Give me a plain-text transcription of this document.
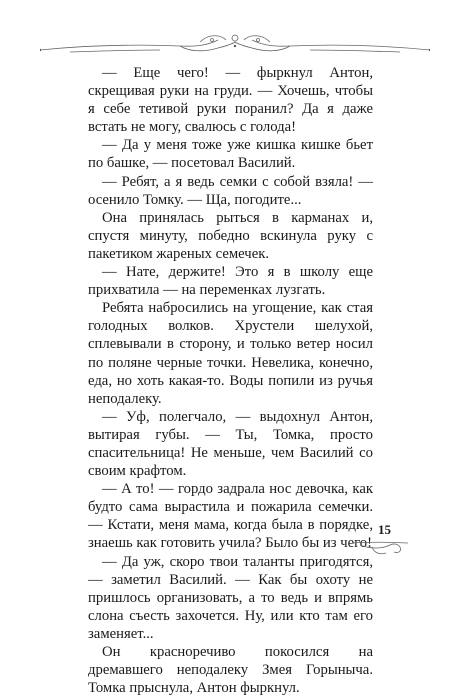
— Еще чего! — фыркнул Антон, скрещивая руки на груди. — Хочешь, чтобы я себе тетивой руки поранил? Да я даже встать не могу, свалюсь с голода!

— Да у меня тоже уже кишка кишке бьет по башке, — посетовал Василий.

— Ребят, а я ведь семки с собой взяла! — осенило Томку. — Ща, погодите...

Она принялась рыться в карманах и, спустя минуту, победно вскинула руку с пакетиком жареных семечек.

— Нате, держите! Это я в школу еще прихватила — на переменках лузгать.

Ребята набросились на угощение, как стая голодных волков. Хрустели шелухой, сплевывали в сторону, и только ветер носил по поляне черные точки. Невелика, конечно, еда, но хоть какая-то. Воды попили из ручья неподалеку.

— Уф, полегчало, — выдохнул Антон, вытирая губы. — Ты, Томка, просто спасительница! Не меньше, чем Василий со своим крафтом.

— А то! — гордо задрала нос девочка, как будто сама вырастила и пожарила семечки. — Кстати, меня мама, когда была в порядке, знаешь как готовить учила? Было бы из чего!

— Да уж, скоро твои таланты пригодятся, — заметил Василий. — Как бы охоту не пришлось организовать, а то ведь и впрямь слона съесть захочется. Ну, или кто там его заменяет...

Он красноречиво покосился на дремавшего неподалеку Змея Горыныча. Томка прыснула, Антон фыркнул.

15
